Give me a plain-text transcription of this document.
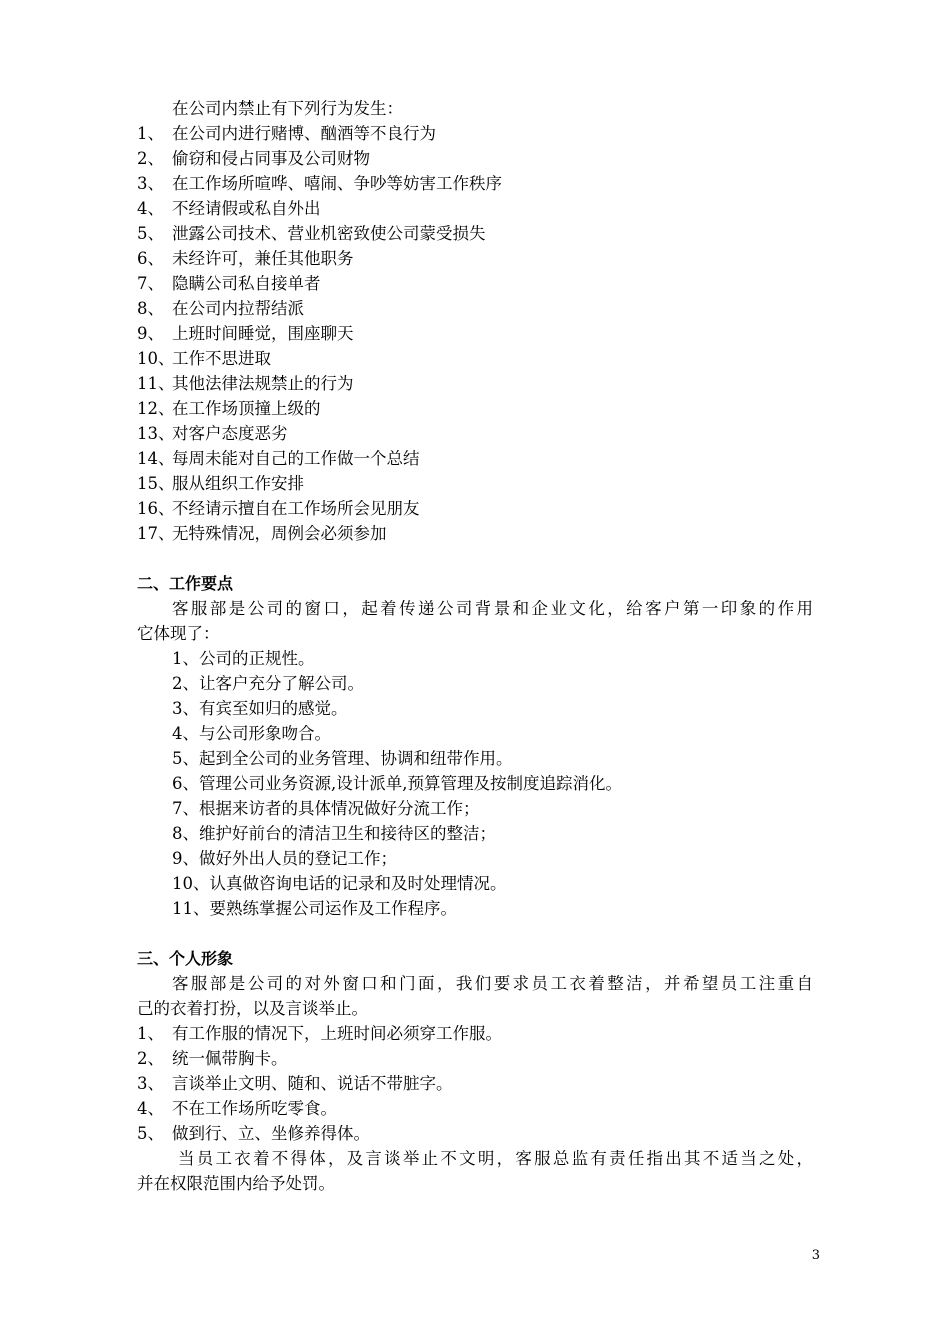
在公司内禁止有下列行为发生：
1、 在公司内进行赌博、酗酒等不良行为
2、 偷窃和侵占同事及公司财物
3、 在工作场所喧哗、嘻闹、争吵等妨害工作秩序
4、 不经请假或私自外出
5、 泄露公司技术、营业机密致使公司蒙受损失
6、 未经许可，兼任其他职务
7、 隐瞒公司私自接单者
8、 在公司内拉帮结派
9、 上班时间睡觉，围座聊天
10、
工作不思进取
11、
其他法律法规禁止的行为
12、
在工作场顶撞上级的
13、
对客户态度恶劣
14、
每周未能对自己的工作做一个总结
15、
服从组织工作安排
16、
不经请示擅自在工作场所会见朋友
17、
无特殊情况，周例会必须参加
二、工作要点
客服部是公司的窗口，起着传递公司背景和企业文化，给客户第一印象的作用
它体现了：
1、公司的正规性。
2、让客户充分了解公司。
3、有宾至如归的感觉。
4、与公司形象吻合。
5、起到全公司的业务管理、协调和纽带作用。
6、管理公司业务资源,设计派单,预算管理及按制度追踪消化。
7、根据来访者的具体情况做好分流工作；
8、维护好前台的清洁卫生和接待区的整洁；
9、做好外出人员的登记工作；
10、认真做咨询电话的记录和及时处理情况。
11、要熟练掌握公司运作及工作程序。
三、个人形象
客服部是公司的对外窗口和门面，我们要求员工衣着整洁，并希望员工注重自
己的衣着打扮，以及言谈举止。
1、 有工作服的情况下，上班时间必须穿工作服。
2、 统一佩带胸卡。
3、 言谈举止文明、随和、说话不带脏字。
4、 不在工作场所吃零食。
5、 做到行、立、坐修养得体。
当员工衣着不得体，及言谈举止不文明，客服总监有责任指出其不适当之处，
并在权限范围内给予处罚。
3
